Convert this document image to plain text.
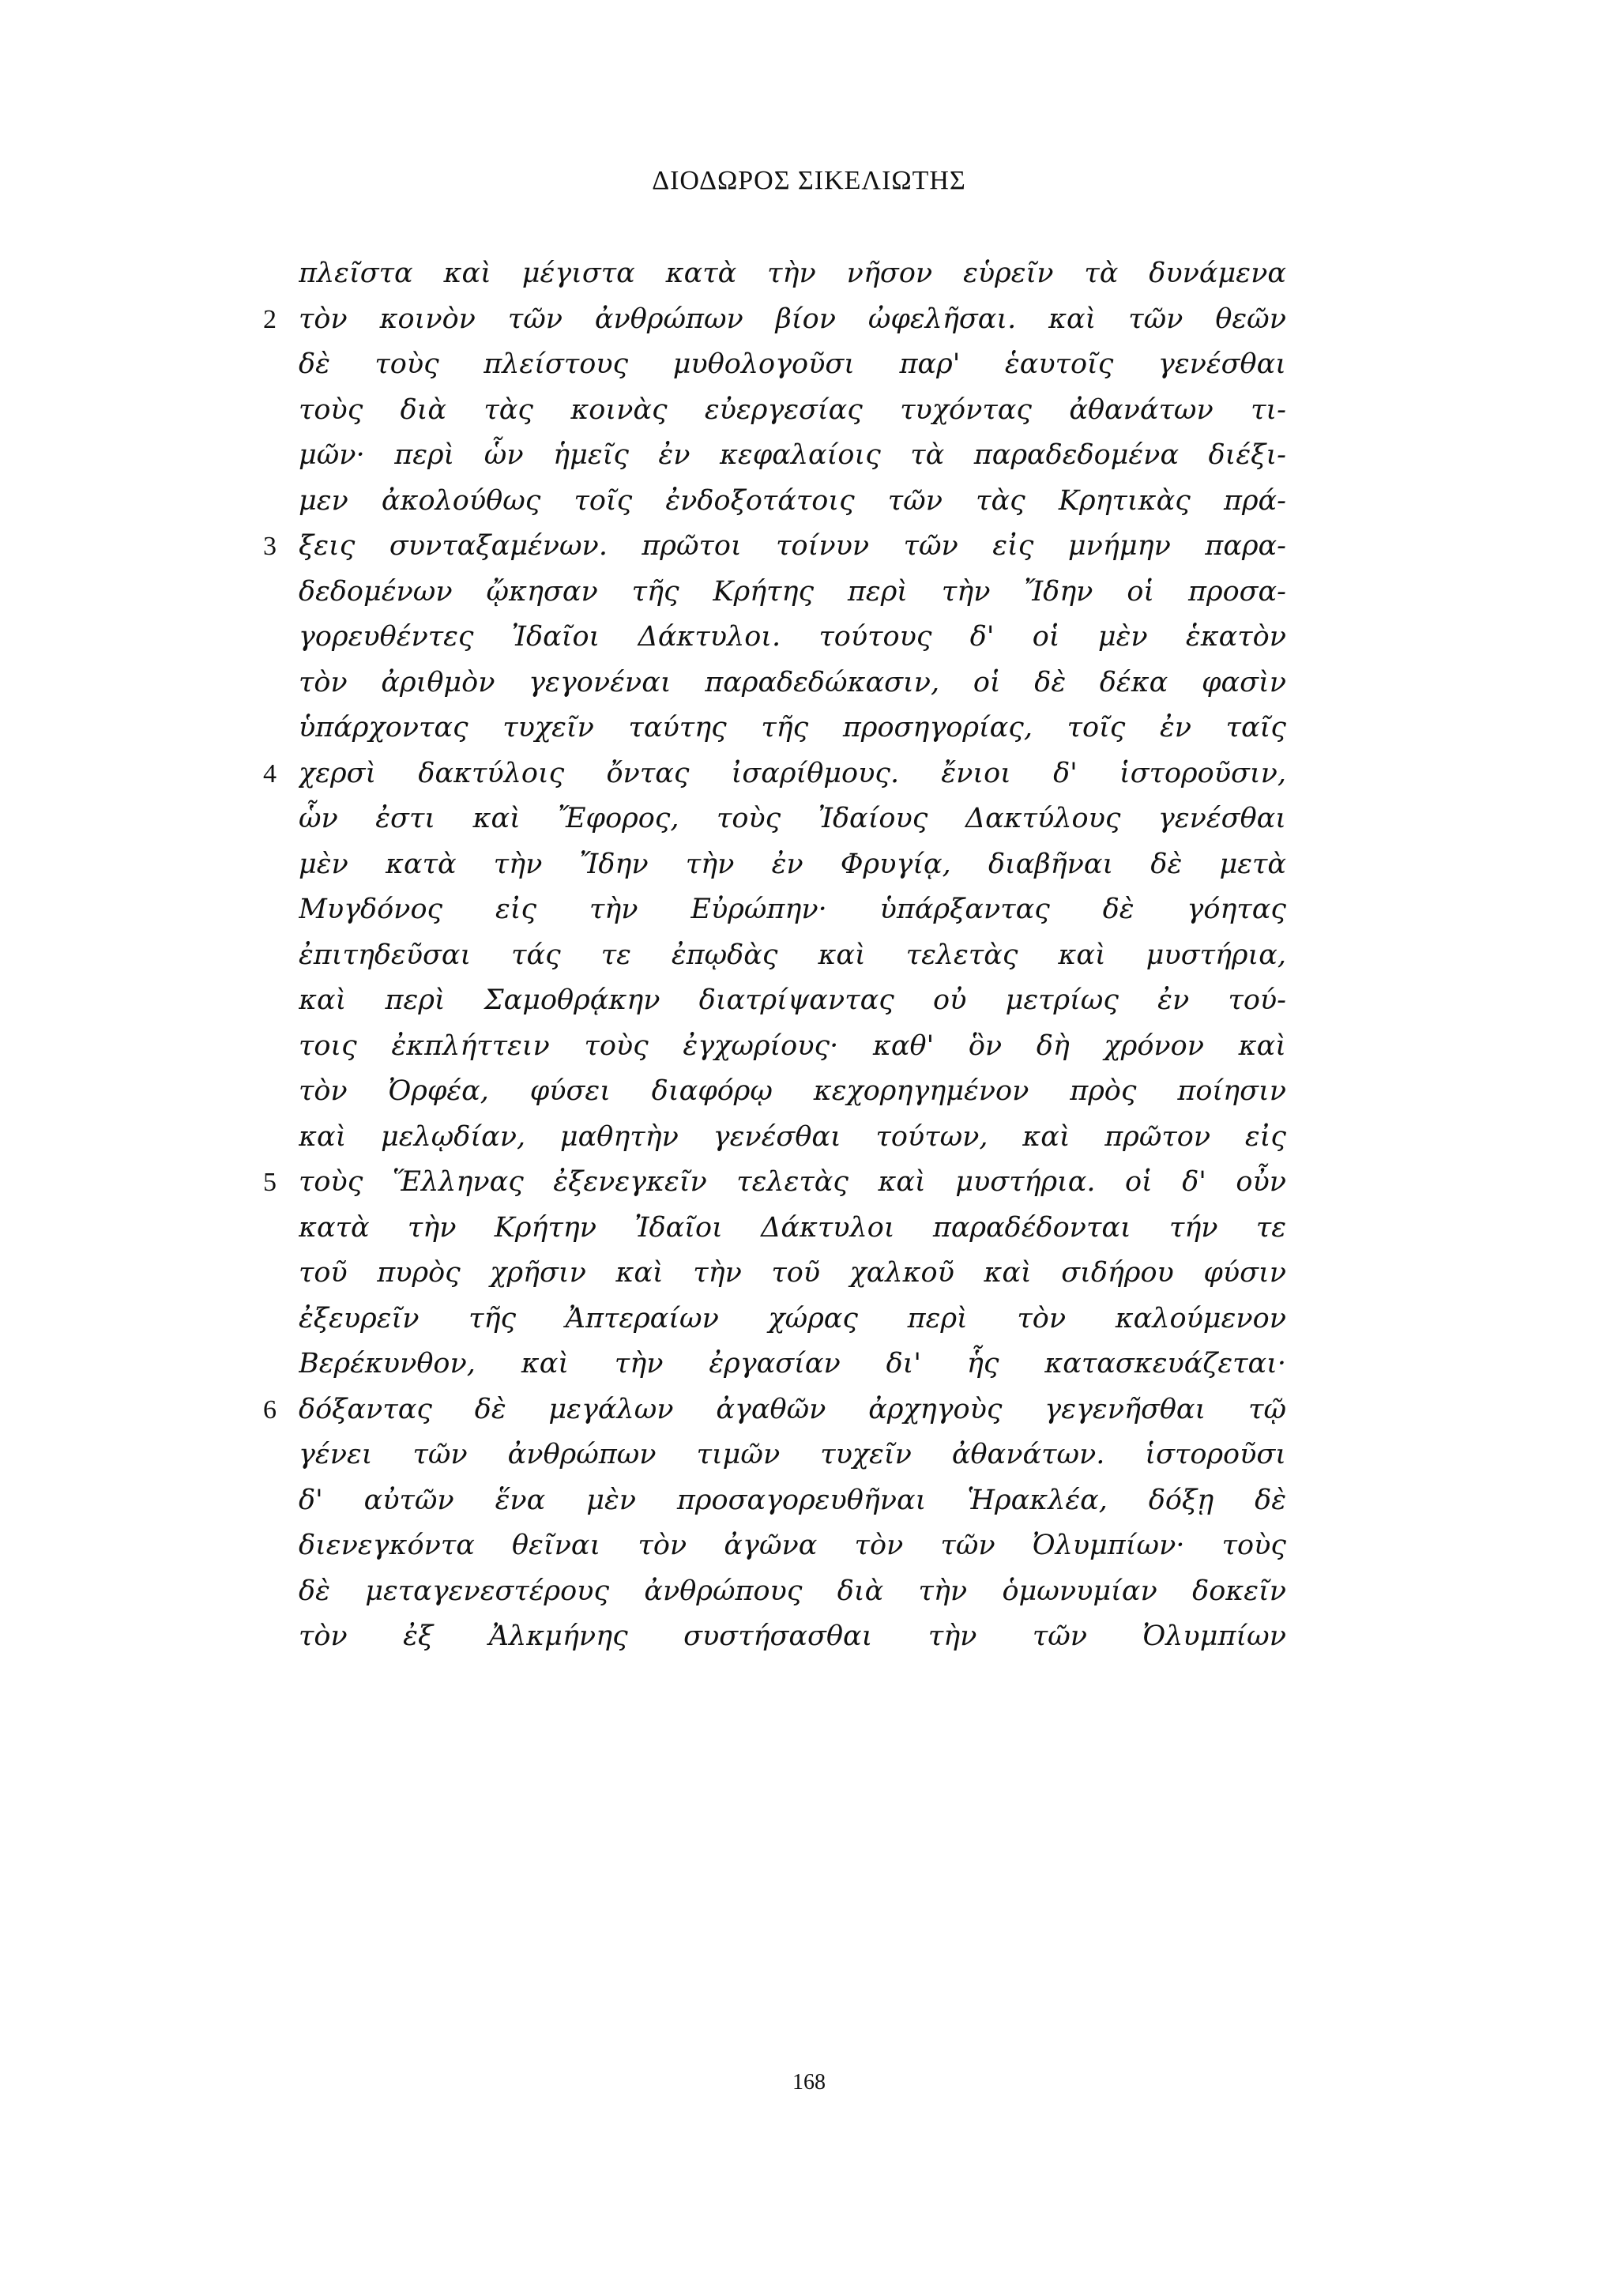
ΔΙΟΔΩΡΟΣ ΣΙΚΕΛΙΩΤΗΣ
πλεῖστα καὶ μέγιστα κατὰ τὴν νῆσον εὑρεῖν τὰ δυνάμενα
2 τὸν κοινὸν τῶν ἀνθρώπων βίον ὠφελῆσαι. καὶ τῶν θεῶν
δὲ τοὺς πλείστους μυθολογοῦσι παρ' ἑαυτοῖς γενέσθαι
τοὺς διὰ τὰς κοινὰς εὐεργεσίας τυχόντας ἀθανάτων τι-
μῶν· περὶ ὧν ἡμεῖς ἐν κεφαλαίοις τὰ παραδεδομένα διέξι-
μεν ἀκολούθως τοῖς ἐνδοξοτάτοις τῶν τὰς Κρητικὰς πρά-
3 ξεις συνταξαμένων. πρῶτοι τοίνυν τῶν εἰς μνήμην παρα-
δεδομένων ᾤκησαν τῆς Κρήτης περὶ τὴν Ἴδην οἱ προσα-
γορευθέντες Ἰδαῖοι Δάκτυλοι. τούτους δ' οἱ μὲν ἑκατὸν
τὸν ἀριθμὸν γεγονέναι παραδεδώκασιν, οἱ δὲ δέκα φασὶν
ὑπάρχοντας τυχεῖν ταύτης τῆς προσηγορίας, τοῖς ἐν ταῖς
4 χερσὶ δακτύλοις ὄντας ἰσαρίθμους. ἔνιοι δ' ἱστοροῦσιν,
ὧν ἐστι καὶ Ἔφορος, τοὺς Ἰδαίους Δακτύλους γενέσθαι
μὲν κατὰ τὴν Ἴδην τὴν ἐν Φρυγίᾳ, διαβῆναι δὲ μετὰ
Μυγδόνος εἰς τὴν Εὐρώπην· ὑπάρξαντας δὲ γόητας
ἐπιτηδεῦσαι τάς τε ἐπῳδὰς καὶ τελετὰς καὶ μυστήρια,
καὶ περὶ Σαμοθρᾴκην διατρίψαντας οὐ μετρίως ἐν τού-
τοις ἐκπλήττειν τοὺς ἐγχωρίους· καθ' ὃν δὴ χρόνον καὶ
τὸν Ὀρφέα, φύσει διαφόρῳ κεχορηγημένον πρὸς ποίησιν
καὶ μελῳδίαν, μαθητὴν γενέσθαι τούτων, καὶ πρῶτον εἰς
5 τοὺς Ἕλληνας ἐξενεγκεῖν τελετὰς καὶ μυστήρια. οἱ δ' οὖν
κατὰ τὴν Κρήτην Ἰδαῖοι Δάκτυλοι παραδέδονται τήν τε
τοῦ πυρὸς χρῆσιν καὶ τὴν τοῦ χαλκοῦ καὶ σιδήρου φύσιν
ἐξευρεῖν τῆς Ἀπτεραίων χώρας περὶ τὸν καλούμενον
Βερέκυνθον, καὶ τὴν ἐργασίαν δι' ἧς κατασκευάζεται·
6 δόξαντας δὲ μεγάλων ἀγαθῶν ἀρχηγοὺς γεγενῆσθαι τῷ
γένει τῶν ἀνθρώπων τιμῶν τυχεῖν ἀθανάτων. ἱστοροῦσι
δ' αὐτῶν ἕνα μὲν προσαγορευθῆναι Ἡρακλέα, δόξῃ δὲ
διενεγκόντα θεῖναι τὸν ἀγῶνα τὸν τῶν Ὀλυμπίων· τοὺς
δὲ μεταγενεστέρους ἀνθρώπους διὰ τὴν ὁμωνυμίαν δοκεῖν
τὸν ἐξ Ἀλκμήνης συστήσασθαι τὴν τῶν Ὀλυμπίων
168
